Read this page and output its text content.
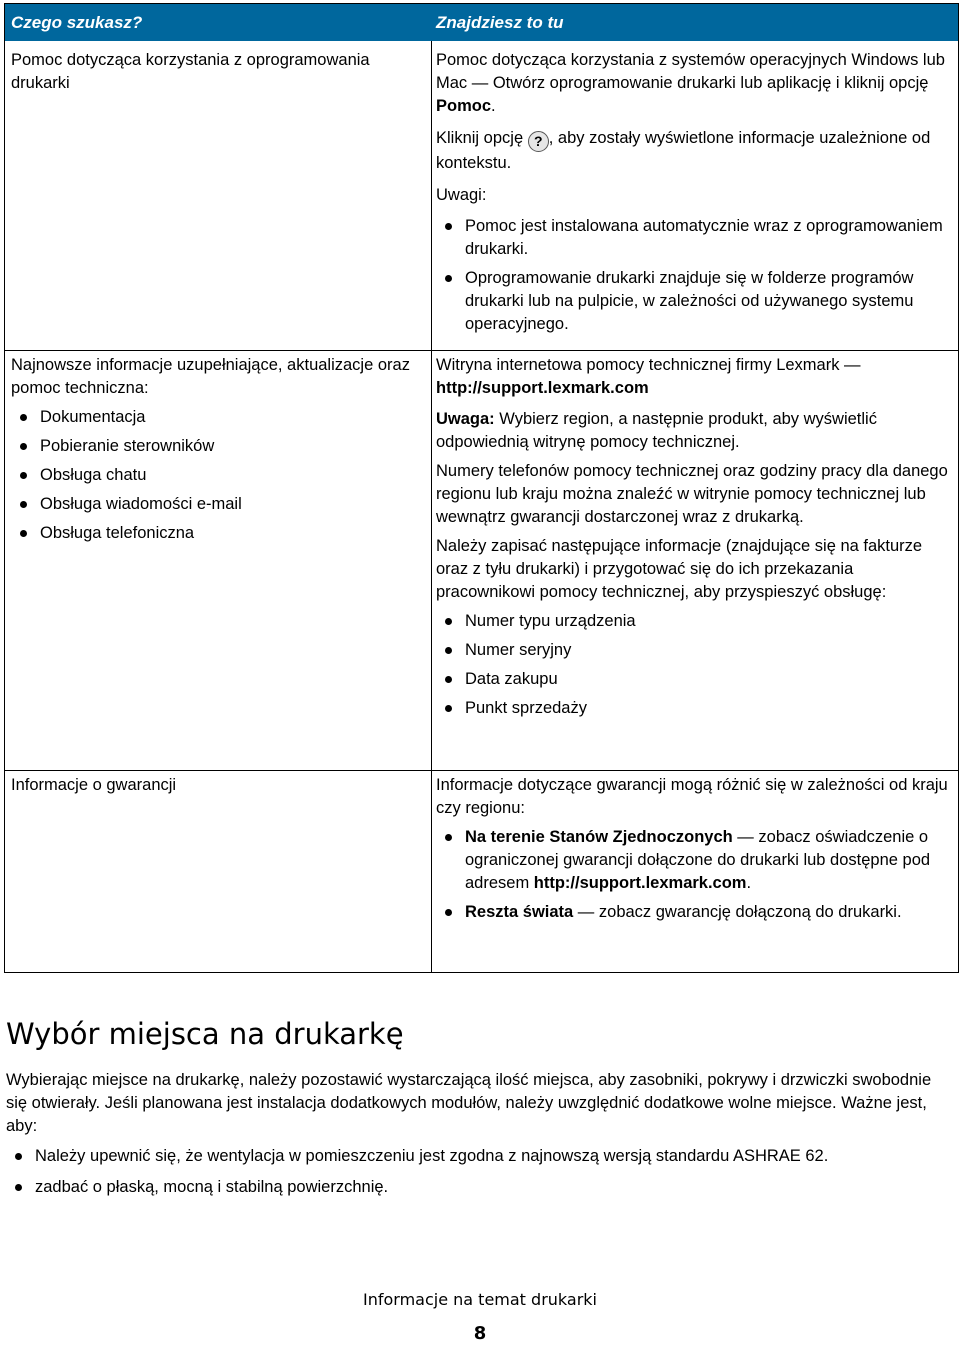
Czego szukasz?	Znajdziesz to tu

Pomoc dotycząca korzystania z oprogramowania drukarki

Pomoc dotycząca korzystania z systemów operacyjnych Windows lub Mac — Otwórz oprogramowanie drukarki lub aplikację i kliknij opcję Pomoc.

Kliknij opcję ? , aby zostały wyświetlone informacje uzależnione od kontekstu.

Uwagi:

Pomoc jest instalowana automatycznie wraz z oprogramowaniem drukarki.
Oprogramowanie drukarki znajduje się w folderze programów drukarki lub na pulpicie, w zależności od używanego systemu operacyjnego.

Najnowsze informacje uzupełniające, aktualizacje oraz pomoc techniczna:

Dokumentacja
Pobieranie sterowników
Obsługa chatu
Obsługa wiadomości e-mail
Obsługa telefoniczna

Witryna internetowa pomocy technicznej firmy Lexmark —

http://support.lexmark.com

Uwaga: Wybierz region, a następnie produkt, aby wyświetlić odpowiednią witrynę pomocy technicznej.

Numery telefonów pomocy technicznej oraz godziny pracy dla danego regionu lub kraju można znaleźć w witrynie pomocy technicznej lub wewnątrz gwarancji dostarczonej wraz z drukarką.

Należy zapisać następujące informacje (znajdujące się na fakturze oraz z tyłu drukarki) i przygotować się do ich przekazania pracownikowi pomocy technicznej, aby przyspieszyć obsługę:

Numer typu urządzenia
Numer seryjny
Data zakupu
Punkt sprzedaży

Informacje o gwarancji	Informacje dotyczące gwarancji mogą różnić się w zależności od kraju czy regionu:

Na terenie Stanów Zjednoczonych — zobacz oświadczenie o ograniczonej gwarancji dołączone do drukarki lub dostępne pod adresem http://support.lexmark.com.
Reszta świata — zobacz gwarancję dołączoną do drukarki.
Wybór miejsca na drukarkę

Wybierając miejsce na drukarkę, należy pozostawić wystarczającą ilość miejsca, aby zasobniki, pokrywy i drzwiczki swobodnie się otwierały. Jeśli planowana jest instalacja dodatkowych modułów, należy uwzględnić dodatkowe wolne miejsce. Ważne jest, aby:

Należy upewnić się, że wentylacja w pomieszczeniu jest zgodna z najnowszą wersją standardu ASHRAE 62.
zadbać o płaską, mocną i stabilną powierzchnię.
Informacje na temat drukarki
8
